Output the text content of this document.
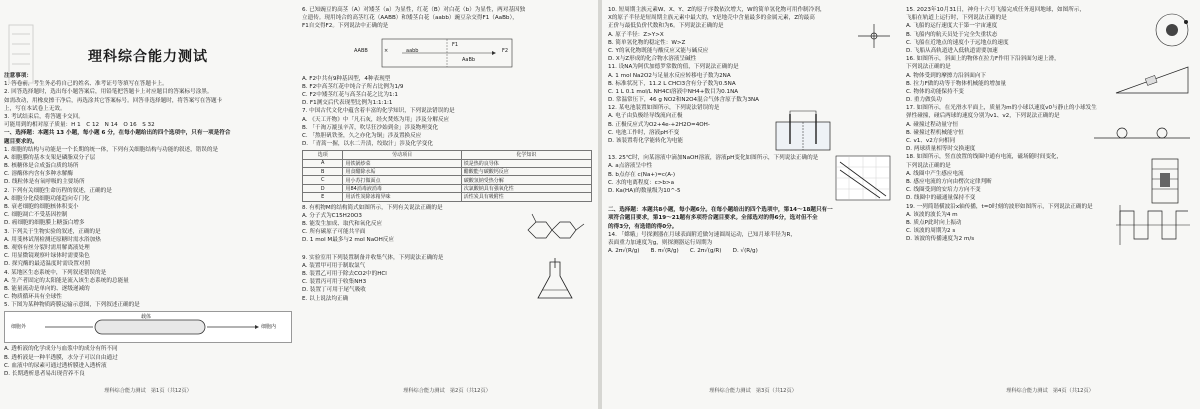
理科综合能力测试
注意事项：
1. 答卷前，考生务必将自己的姓名、准考证号等填写在答题卡上。
2. 回答选择题时，选出每小题答案后，用铅笔把答题卡上对应题目的答案标号涂黑。
如需改动，用橡皮擦干净后，再选涂其它答案标号。回答非选择题时，将答案写在答题卡
上，写在本试卷上无效。
3. 考试结束后，将答题卡交回。
可能用到的相对原子质量：H 1　C 12　N 14　O 16　S 32
一、选择题：本题共 13 小题，每小题 6 分，在每小题给出的四个选项中，只有一项是符合
题目要求的。
1. 细胞的结构与功能是一个长期的统一体，下列有关细胞结构与功能的叙述，错误的是
A. 细胞膜的基本支架是磷脂双分子层
B. 核糖体是合成蛋白质的场所
C. 溶酶体内含有多种水解酶
D. 线粒体是有氧呼吸的主要场所
2. 下列有关细胞生命历程的叙述，正确的是
A. 细胞分化使细胞功能趋向专门化
B. 衰老细胞的细胞核体积变小
C. 细胞凋亡不受基因控制
D. 癌细胞的细胞膜上糖蛋白增多
3. 下列关于生物实验的叙述，正确的是
A. 用斐林试剂检测还原糖时需水浴加热
B. 观察有丝分裂时需用解离液处理
C. 用显微镜观察叶绿体时需要染色
D. 探究酶的最适温度时需设置对照
4. 某地区生态系统中，下列叙述错误的是
A. 生产者固定的太阳能是流入该生态系统的总能量
B. 能量流动是单向的、逐级递减的
C. 物质循环具有全球性
5. 下图为某种物质跨膜运输示意图，下列叙述正确的是
细胞外	细胞内
载体
A. 透析液的化学成分与血浆中的成分有所不同
B. 透析液是一种半透膜，水分子可以自由通过
C. 血液中的尿素可通过透析膜进入透析液
D. 长期透析患者易出现营养不良
理科综合能力测试　第1页（共12页）
6. 已知豌豆的高茎（A）对矮茎（a）为显性，红花（B）对白花（b）为显性，两对基因独
立遗传。现用纯合的高茎红花（AABB）和矮茎白花（aabb）豌豆杂交得F1（AaBb），
F1自交得F2。下列说法中正确的是
AABB	×	aabb
F1
AaBb
F2
A. F2中共有9种基因型，4种表现型
B. F2中高茎红花中纯合子所占比例为1/9
C. F2中矮茎红花与高茎白花之比为1:1
D. F1测交后代表现型比例为1:1:1:1
7. 中国古代文化中蕴含着丰富的化学知识，下列说法错误的是
A. 《天工开物》中「凡石灰，经火焚炼为用」涉及分解反应
B. 「千淘万漉虽辛苦，吹尽狂沙始到金」涉及物理变化
C. 「熬胆矾铁釜，久之亦化为铜」涉及置换反应
D. 「青蒿一握，以水二升渍，绞取汁」涉及化学变化
选项	劳动项目	化学知识
A	用铁锅炒菜	铁是热的良导体
B	用食醋除水垢	醋酸能与碳酸钙反应
C	用小苏打做面点	碳酸氢钠受热分解
D	用84消毒液消毒	次氯酸钠具有强氧化性
E	用活性炭除冰箱异味	活性炭具有吸附性
8. 有机物M的结构简式如图所示，下列有关说法正确的是
A. 分子式为C15H20O3
B. 能发生加成、取代和氧化反应
C. 所有碳原子可能共平面
D. 1 mol M最多与2 mol NaOH反应
9. 实验室用下列装置制备并收集气体，下列说法正确的是
A. 装置甲可用于制取氯气
B. 装置乙可用于除去CO2中的HCl
C. 装置丙可用于收集NH3
D. 装置丁可用于尾气吸收
E. 以上说法均正确
理科综合能力测试　第2页（共12页）
10. 短周期主族元素W、X、Y、Z的原子序数依次增大，W的简单氢化物可用作制冷剂，
X的原子半径是短周期主族元素中最大的，Y是地壳中含量最多的金属元素，Z的最高
正价与最低负价代数和为6。下列说法正确的是
A. 原子半径：Z>Y>X
B. 简单氢化物的稳定性：W>Z
C. Y的氧化物既能与酸反应又能与碱反应
D. X与Z形成的化合物水溶液呈碱性
11. 设NA为阿伏加德罗常数的值，下列说法正确的是
A. 1 mol Na2O2与足量水反应转移电子数为2NA
B. 标准状况下，11.2 L CHCl3含有分子数为0.5NA
C. 1 L 0.1 mol/L NH4Cl溶液中NH4+数目为0.1NA
D. 常温常压下，46 g NO2和N2O4混合气体含原子数为3NA
12. 某电池装置如图所示，下列说法错误的是
A. 电子由负极经导线流向正极
B. 正极反应式为O2+4e-+2H2O=4OH-
C. 电池工作时，溶液pH不变
D. 该装置将化学能转化为电能
13. 25℃时，向某溶液中滴加NaOH溶液，溶液pH变化如图所示，下列说法正确的是
A. a点溶液呈中性
B. b点存在 c(Na+)=c(A-)
C. 水的电离程度：c>b>a
D. Ka(HA)的数量级为10^-5
二、选择题：本题共8小题，每小题6分。在每小题给出的四个选项中，第14～18题只有一
项符合题目要求，第19～21题有多项符合题目要求。全部选对的得6分，选对但不全
的得3分，有选错的得0分。
14. 「嫦娥」号探测器在月球表面附近做匀速圆周运动，已知月球半径为R，
表面重力加速度为g，则探测器运行周期为
A. 2π√(R/g)　　B. π√(R/g)　　C. 2π√(g/R)　　D. √(R/g)
理科综合能力测试　第3页（共12页）
15. 2023年10月31日，神舟十六号飞船完成任务返回地球，如图所示，
飞船在轨道上运行时，下列说法正确的是
A. 飞船的运行速度大于第一宇宙速度
B. 飞船内的航天员处于完全失重状态
C. 飞船在近地点的速度小于远地点的速度
D. 飞船从高轨道进入低轨道需要加速
16. 如图所示，斜面上的物体在拉力F作用下沿斜面匀速上滑，
下列说法正确的是
A. 物体受到的摩擦力沿斜面向下
B. 拉力F做的功等于物体机械能的增加量
C. 物体的动能保持不变
D. 重力做负功
17. 如图所示，在光滑水平面上，质量为m的小球以速度v0与静止的小球发生
弹性碰撞，碰后两球的速度分别为v1、v2，下列说法正确的是
A. 碰撞过程动量守恒
B. 碰撞过程机械能守恒
C. v1、v2方向相同
D. 两球质量相等时交换速度
18. 如图所示，竖直放置的线圈中通有电流，磁场随时间变化，
下列说法正确的是
A. 线圈中产生感应电流
B. 感应电流的方向由楞次定律判断
C. 线圈受到的安培力方向不变
D. 线圈中的磁通量保持不变
19. 一列简谐横波沿x轴传播，t=0时刻的波形如图所示，下列说法正确的是
A. 该波的波长为4 m
B. 质点P此时向上振动
C. 该波的周期为2 s
D. 该波的传播速度为2 m/s
理科综合能力测试　第4页（共12页）
